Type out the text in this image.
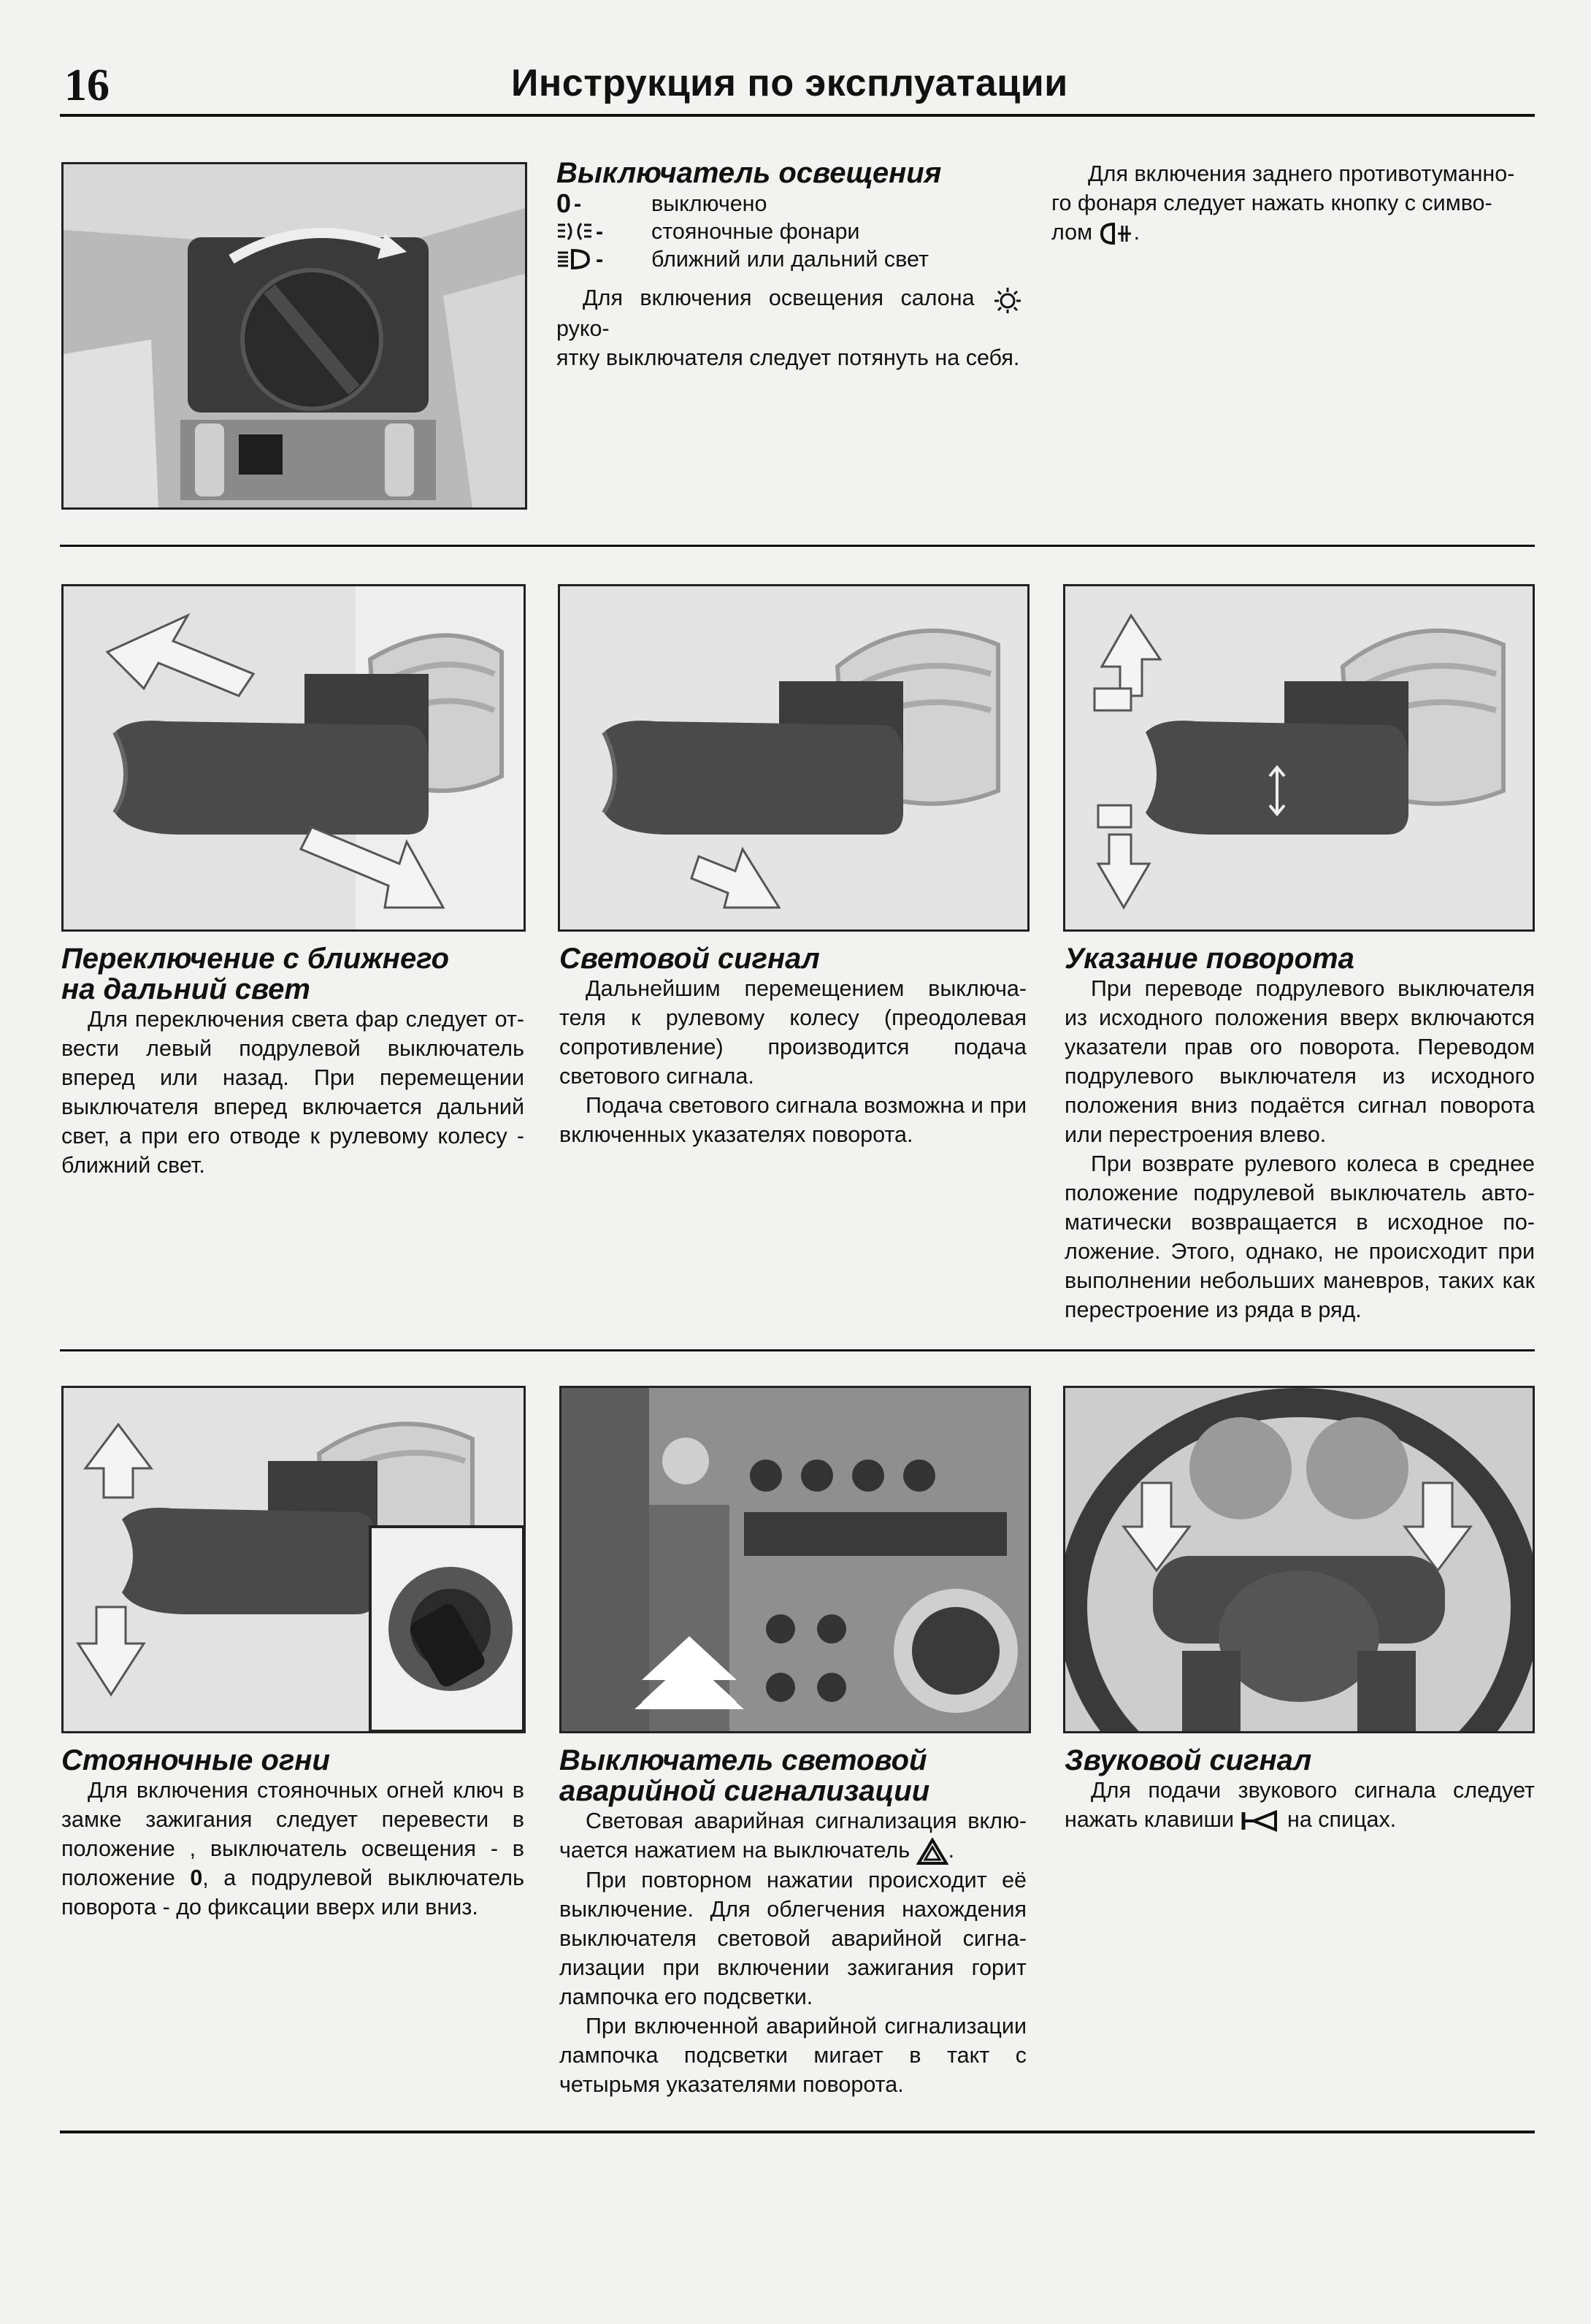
16	Инструкция по эксплуатации
Выключатель освещения
0 -	выключено
- стояночные фонари
- ближний или дальний свет

Для включения освещения салона  руко-

ятку выключателя следует потянуть на себя.

Для включения заднего противотуманно-

го фонаря следует нажать кнопку с симво-

лом .

Переключение с ближнего
на дальний свет

Для переключения света фар следует от-вести левый подрулевой выключатель вперед или назад. При перемещении выключателя вперед включается дальний свет, а при его отводе к рулевому колесу - ближний свет.

Световой сигнал

Дальнейшим перемещением выключа-теля к рулевому колесу (преодолевая сопротивление) производится подача светового сигнала.

Подача светового сигнала возможна и при включенных указателях поворота.

Указание поворота

При переводе подрулевого выключателя из исходного положения вверх включаются указатели прав ого поворота. Переводом подрулевого выключателя из исходного положения вниз подаётся сигнал поворота или перестроения влево.

При возврате рулевого колеса в среднее положение подрулевой выключатель авто-матически возвращается в исходное по-ложение. Этого, однако, не происходит при выполнении небольших маневров, таких как перестроение из ряда в ряд.

Стояночные огни

Для включения стояночных огней ключ в замке зажигания следует перевести в положение , выключатель освещения - в положение 0, а подрулевой выключатель поворота - до фиксации вверх или вниз.

Выключатель световой
аварийной сигнализации

Световая аварийная сигнализация вклю-чается нажатием на выключатель .

При повторном нажатии происходит её выключение. Для облегчения нахождения выключателя световой аварийной сигна-лизации при включении зажигания горит лампочка его подсветки.

При включенной аварийной сигнализации лампочка подсветки мигает в такт с четырьмя указателями поворота.

Звуковой сигнал

Для подачи звукового сигнала следует нажать клавиши на спицах.
